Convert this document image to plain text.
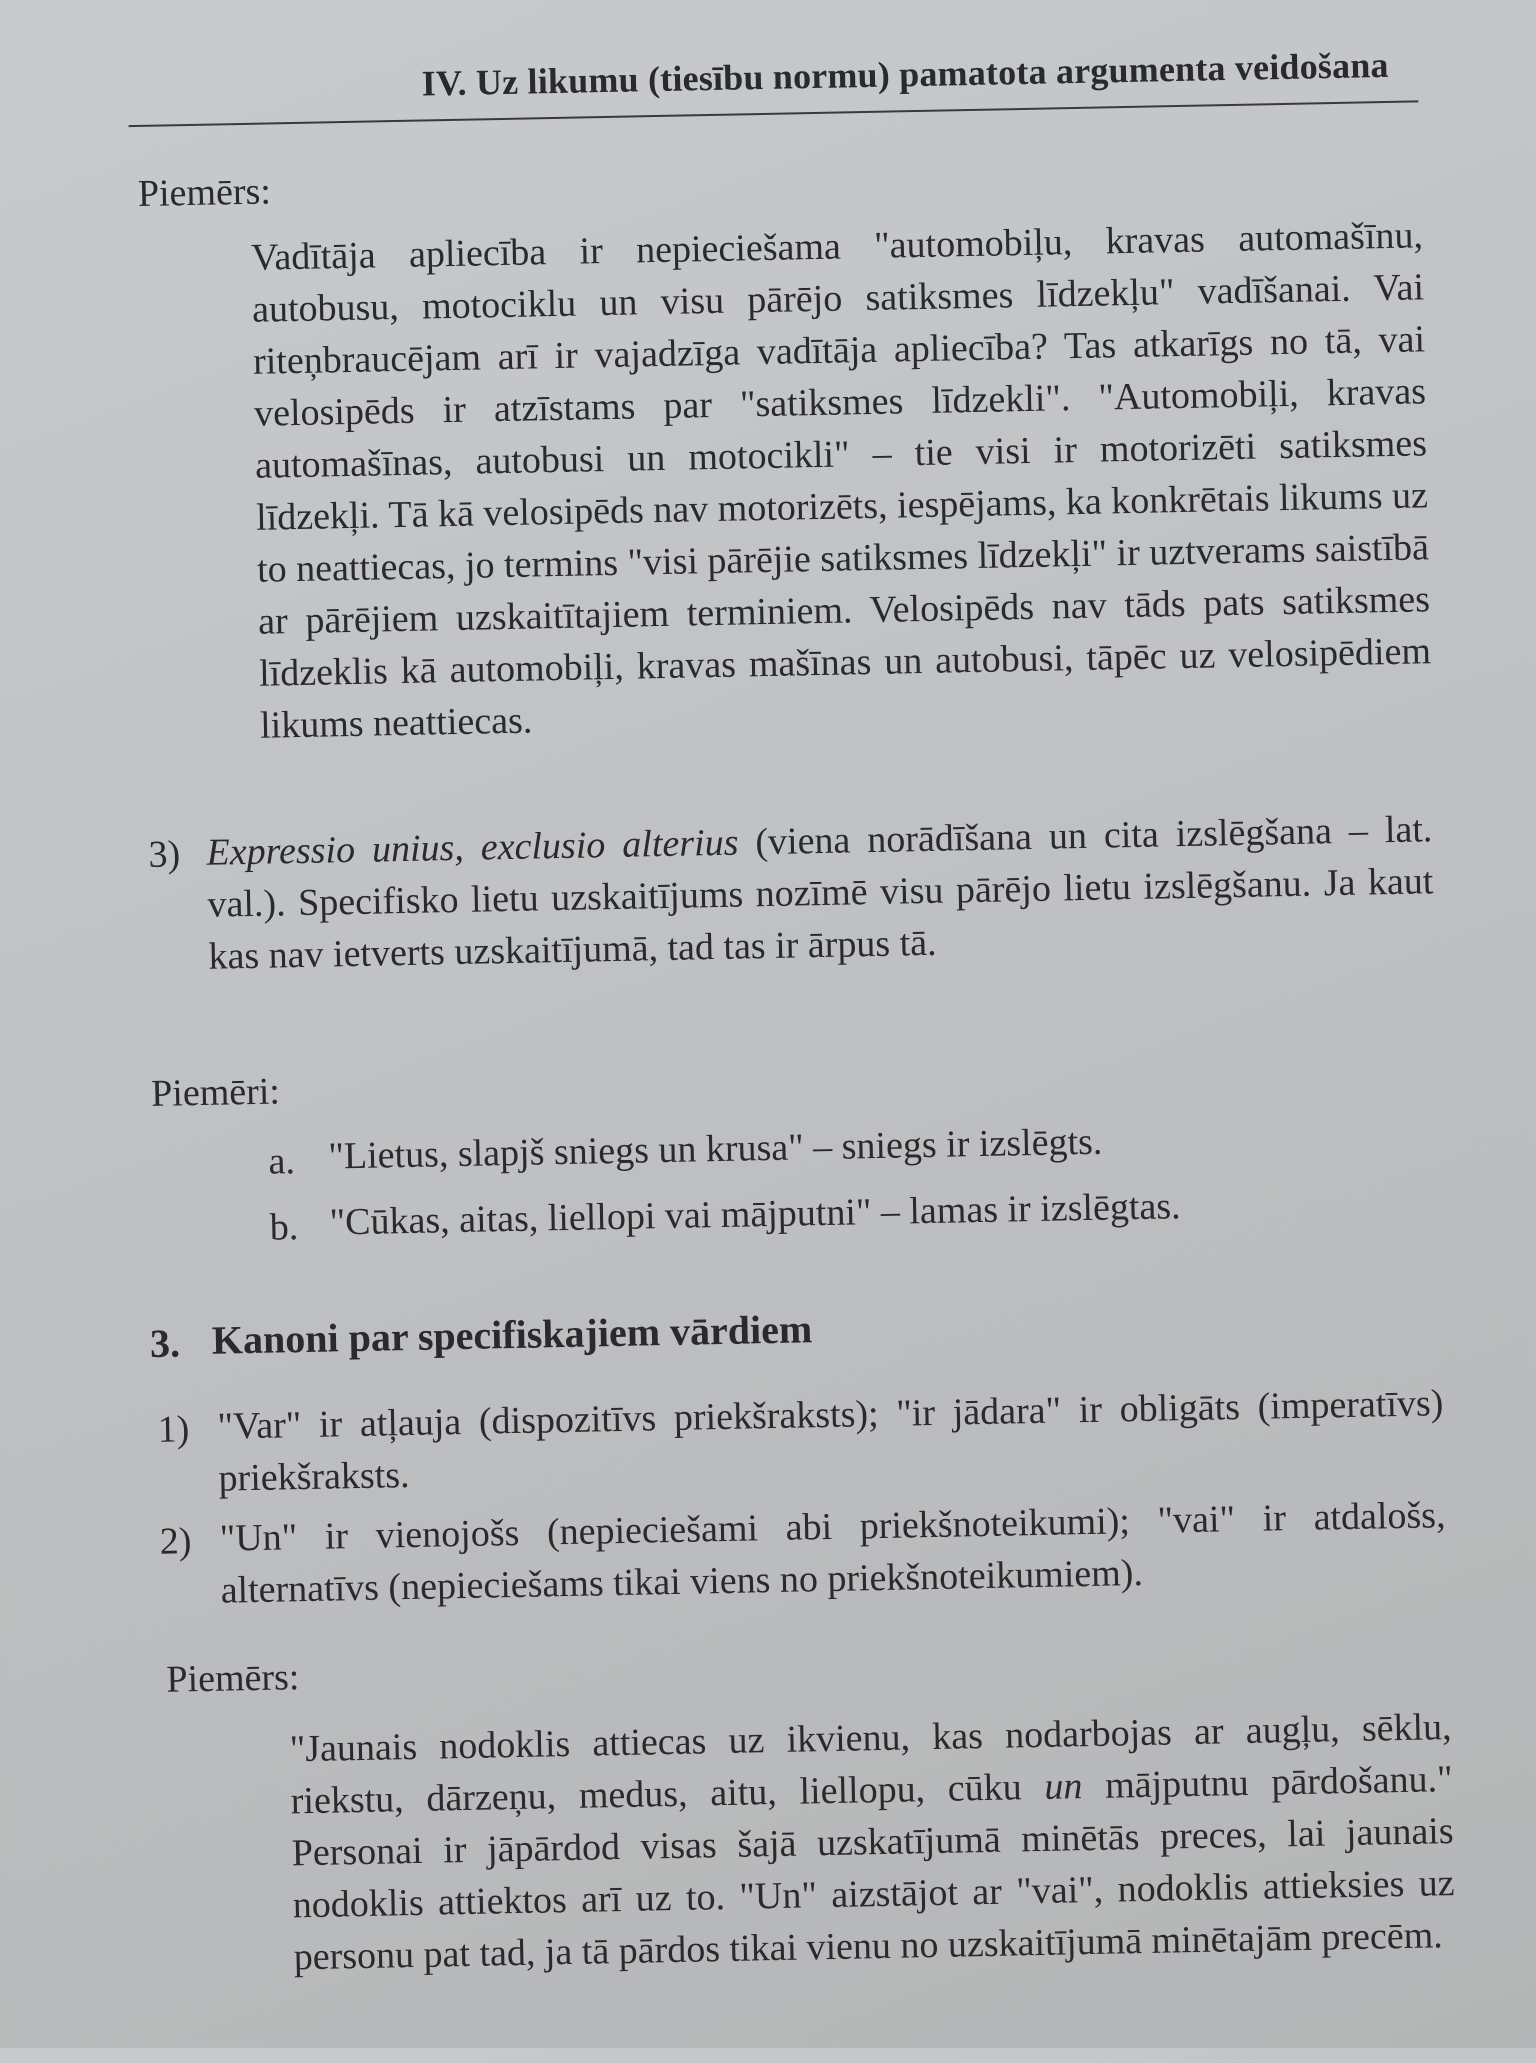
IV. Uz likumu (tiesību normu) pamatota argumenta veidošana
Piemērs:
Vadītāja apliecība ir nepieciešama "automobiļu, kravas automašīnu, autobusu, motociklu un visu pārējo satiksmes līdzekļu" vadīšanai. Vai riteņbraucējam arī ir vajadzīga vadītāja apliecība? Tas atkarīgs no tā, vai velosipēds ir atzīstams par "satiksmes līdzekli". "Automobiļi, kravas automašīnas, autobusi un motocikli" – tie visi ir motorizēti satiksmes līdzekļi. Tā kā velosipēds nav motorizēts, iespējams, ka konkrētais likums uz to neattiecas, jo termins "visi pārējie satiksmes līdzekļi" ir uztverams saistībā ar pārējiem uzskaitītajiem terminiem. Velosipēds nav tāds pats satiksmes līdzeklis kā automobiļi, kravas mašīnas un autobusi, tāpēc uz velosipēdiem likums neattiecas.
3) Expressio unius, exclusio alterius (viena norādīšana un cita izslēgšana – lat. val.). Specifisko lietu uzskaitījums nozīmē visu pārējo lietu izslēgšanu. Ja kaut kas nav ietverts uzskaitījumā, tad tas ir ārpus tā.
Piemēri:
a. "Lietus, slapjš sniegs un krusa" – sniegs ir izslēgts.
b. "Cūkas, aitas, liellopi vai mājputni" – lamas ir izslēgtas.
3. Kanoni par specifiskajiem vārdiem
1) "Var" ir atļauja (dispozitīvs priekšraksts); "ir jādara" ir obligāts (imperatīvs) priekšraksts.
2) "Un" ir vienojošs (nepieciešami abi priekšnoteikumi); "vai" ir atdalošs, alternatīvs (nepieciešams tikai viens no priekšnoteikumiem).
Piemērs:
"Jaunais nodoklis attiecas uz ikvienu, kas nodarbojas ar augļu, sēklu, riekstu, dārzeņu, medus, aitu, liellopu, cūku un mājputnu pārdošanu." Personai ir jāpārdod visas šajā uzskatījumā minētās preces, lai jaunais nodoklis attiektos arī uz to. "Un" aizstājot ar "vai", nodoklis attieksies uz personu pat tad, ja tā pārdos tikai vienu no uzskaitījumā minētajām precēm.
